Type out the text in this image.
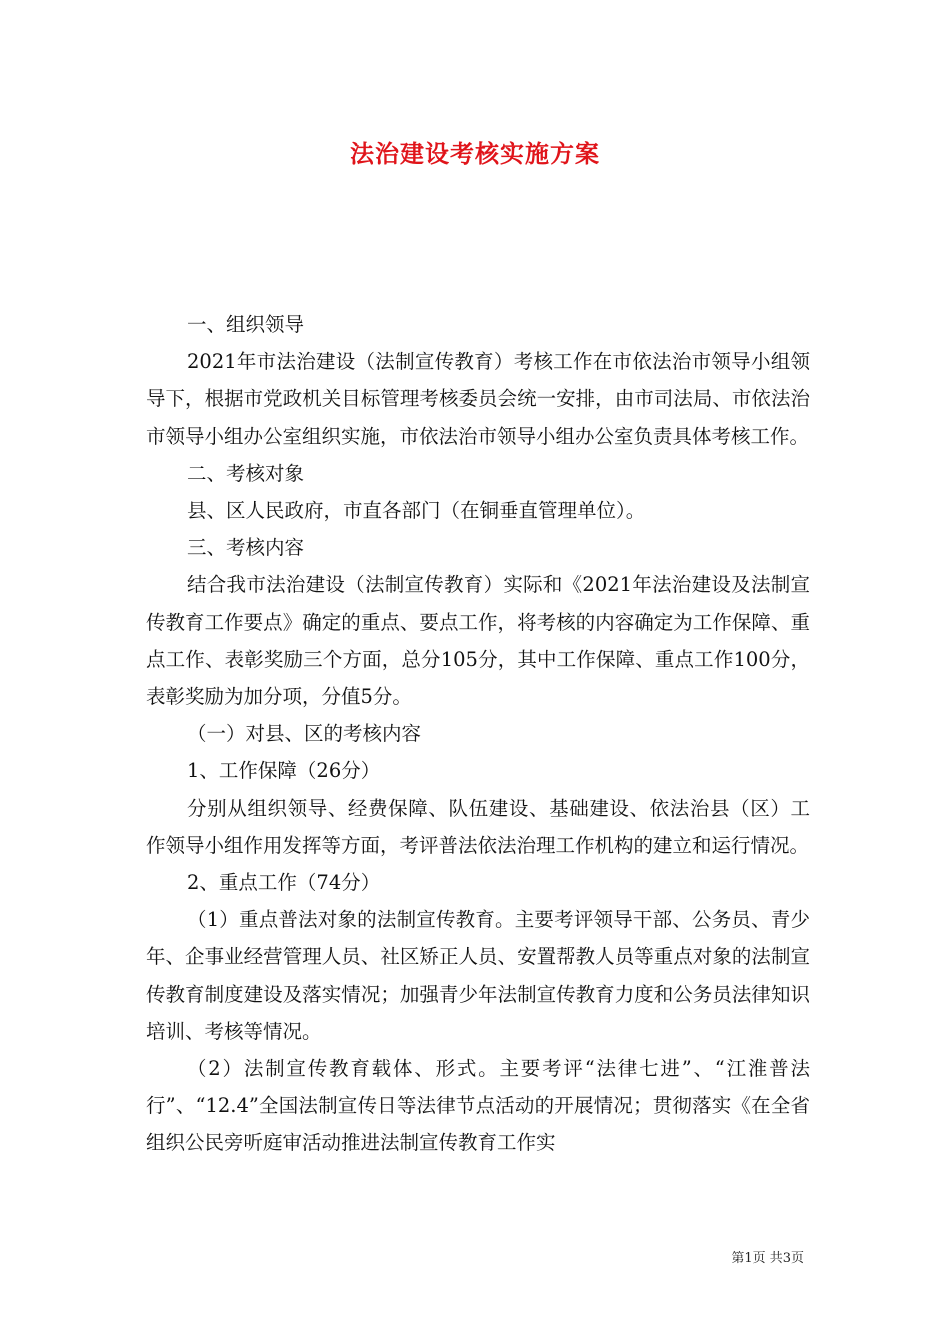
法治建设考核实施方案

一、组织领导

2021年市法治建设（法制宣传教育）考核工作在市依法治市领导小组领导下，根据市党政机关目标管理考核委员会统一安排，由市司法局、市依法治市领导小组办公室组织实施，市依法治市领导小组办公室负责具体考核工作。

二、考核对象

县、区人民政府，市直各部门（在铜垂直管理单位）。

三、考核内容

结合我市法治建设（法制宣传教育）实际和《2021年法治建设及法制宣传教育工作要点》确定的重点、要点工作，将考核的内容确定为工作保障、重点工作、表彰奖励三个方面，总分105分，其中工作保障、重点工作100分，表彰奖励为加分项，分值5分。

（一）对县、区的考核内容

1、工作保障（26分）

分别从组织领导、经费保障、队伍建设、基础建设、依法治县（区）工作领导小组作用发挥等方面，考评普法依法治理工作机构的建立和运行情况。

2、重点工作（74分）

（1）重点普法对象的法制宣传教育。主要考评领导干部、公务员、青少年、企事业经营管理人员、社区矫正人员、安置帮教人员等重点对象的法制宣传教育制度建设及落实情况；加强青少年法制宣传教育力度和公务员法律知识培训、考核等情况。

（2）法制宣传教育载体、形式。主要考评“法律七进”、“江淮普法行”、“12.4”全国法制宣传日等法律节点活动的开展情况；贯彻落实《在全省组织公民旁听庭审活动推进法制宣传教育工作实

第1页 共3页
